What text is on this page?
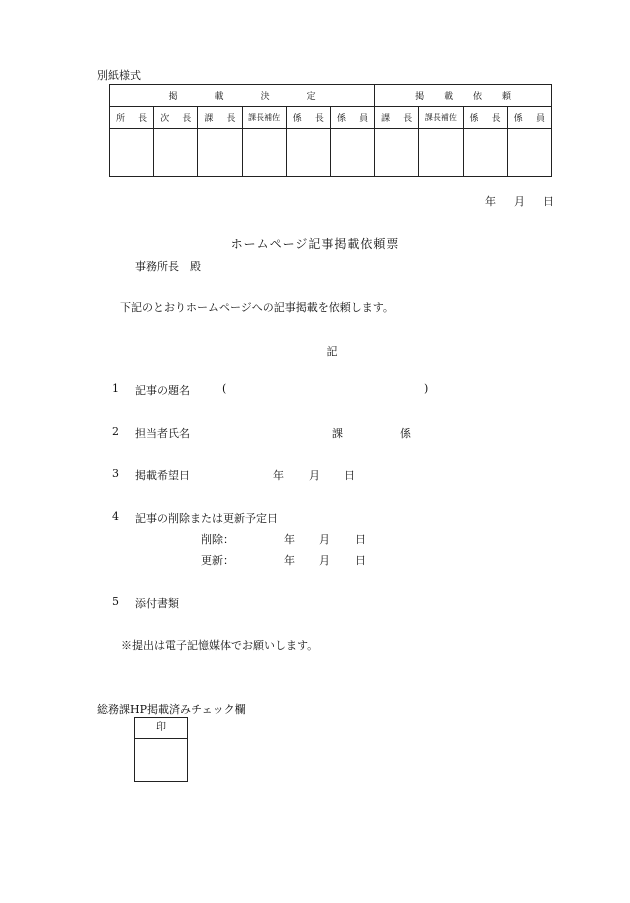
別紙様式
掲 載 決 定						掲 載 依 頼			

所 長	次 長	課 長	課長補佐	係 長	係 員	課 長	課長補佐	係 長	係 員

年 月 日
ホームページ記事掲載依頼票
事務所長　殿
下記のとおりホームページへの記事掲載を依頼します。
記
1 記事の題名	(	)
2 担当者氏名	課	係
3 掲載希望日	年 月 日
4 記事の削除または更新予定日
削除：	年 月 日
更新：	年 月 日
5 添付書類
※提出は電子記憶媒体でお願いします。
総務課HP掲載済みチェック欄
印
